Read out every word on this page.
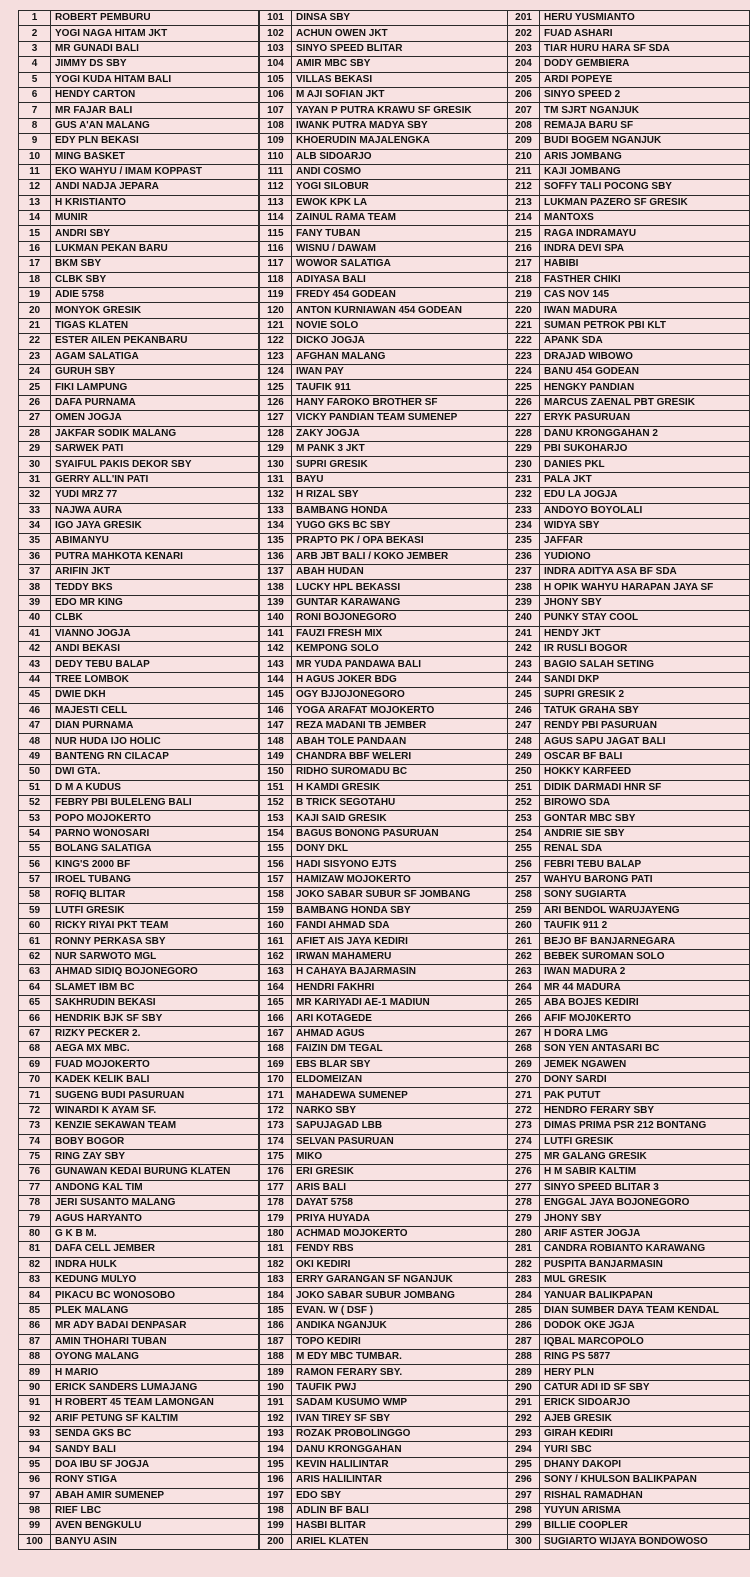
1	ROBERT PEMBURU
2	YOGI NAGA HITAM JKT
3	MR GUNADI BALI
4	JIMMY DS SBY
5	YOGI KUDA HITAM BALI
6	HENDY CARTON
7	MR FAJAR BALI
8	GUS A'AN MALANG
9	EDY PLN BEKASI
10	MING BASKET
11	EKO WAHYU / IMAM KOPPAST
12	ANDI NADJA JEPARA
13	H KRISTIANTO
14	MUNIR
15	ANDRI SBY
16	LUKMAN PEKAN BARU
17	BKM SBY
18	CLBK SBY
19	ADIE 5758
20	MONYOK GRESIK
21	TIGAS KLATEN
22	ESTER AILEN PEKANBARU
23	AGAM SALATIGA
24	GURUH SBY
25	FIKI LAMPUNG
26	DAFA PURNAMA
27	OMEN JOGJA
28	JAKFAR SODIK MALANG
29	SARWEK PATI
30	SYAIFUL PAKIS DEKOR SBY
31	GERRY ALL'IN PATI
32	YUDI MRZ 77
33	NAJWA AURA
34	IGO JAYA GRESIK
35	ABIMANYU
36	PUTRA MAHKOTA KENARI
37	ARIFIN JKT
38	TEDDY BKS
39	EDO MR KING
40	CLBK
41	VIANNO JOGJA
42	ANDI BEKASI
43	DEDY TEBU BALAP
44	TREE LOMBOK
45	DWIE DKH
46	MAJESTI CELL
47	DIAN PURNAMA
48	NUR HUDA IJO HOLIC
49	BANTENG RN CILACAP
50	DWI GTA.
51	D M A KUDUS
52	FEBRY PBI BULELENG BALI
53	POPO MOJOKERTO
54	PARNO WONOSARI
55	BOLANG SALATIGA
56	KING'S 2000 BF
57	IROEL TUBANG
58	ROFIQ BLITAR
59	LUTFI GRESIK
60	RICKY RIYAI PKT TEAM
61	RONNY PERKASA SBY
62	NUR SARWOTO MGL
63	AHMAD SIDIQ BOJONEGORO
64	SLAMET IBM BC
65	SAKHRUDIN BEKASI
66	HENDRIK BJK SF SBY
67	RIZKY PECKER 2.
68	AEGA MX MBC.
69	FUAD MOJOKERTO
70	KADEK KELIK BALI
71	SUGENG BUDI PASURUAN
72	WINARDI K AYAM SF.
73	KENZIE SEKAWAN TEAM
74	BOBY BOGOR
75	RING ZAY SBY
76	GUNAWAN KEDAI BURUNG KLATEN
77	ANDONG KAL TIM
78	JERI SUSANTO MALANG
79	AGUS HARYANTO
80	G K B M.
81	DAFA CELL JEMBER
82	INDRA HULK
83	KEDUNG MULYO
84	PIKACU BC WONOSOBO
85	PLEK MALANG
86	MR ADY BADAI DENPASAR
87	AMIN THOHARI TUBAN
88	OYONG MALANG
89	H MARIO
90	ERICK SANDERS LUMAJANG
91	H ROBERT 45 TEAM LAMONGAN
92	ARIF PETUNG SF KALTIM
93	SENDA GKS BC
94	SANDY BALI
95	DOA IBU SF JOGJA
96	RONY STIGA
97	ABAH AMIR SUMENEP
98	RIEF LBC
99	AVEN BENGKULU
100	BANYU ASIN
101	DINSA SBY
102	ACHUN OWEN JKT
103	SINYO SPEED BLITAR
104	AMIR MBC SBY
105	VILLAS BEKASI
106	M AJI SOFIAN JKT
107	YAYAN P PUTRA KRAWU SF GRESIK
108	IWANK PUTRA MADYA SBY
109	KHOERUDIN MAJALENGKA
110	ALB SIDOARJO
111	ANDI COSMO
112	YOGI SILOBUR
113	EWOK KPK LA
114	ZAINUL RAMA TEAM
115	FANY TUBAN
116	WISNU / DAWAM
117	WOWOR SALATIGA
118	ADIYASA BALI
119	FREDY 454 GODEAN
120	ANTON KURNIAWAN 454 GODEAN
121	NOVIE SOLO
122	DICKO JOGJA
123	AFGHAN MALANG
124	IWAN PAY
125	TAUFIK 911
126	HANY FAROKO BROTHER SF
127	VICKY PANDIAN TEAM SUMENEP
128	ZAKY JOGJA
129	M PANK 3 JKT
130	SUPRI GRESIK
131	BAYU
132	H RIZAL SBY
133	BAMBANG HONDA
134	YUGO GKS BC SBY
135	PRAPTO PK / OPA BEKASI
136	ARB JBT BALI / KOKO JEMBER
137	ABAH HUDAN
138	LUCKY HPL BEKASSI
139	GUNTAR KARAWANG
140	RONI BOJONEGORO
141	FAUZI FRESH MIX
142	KEMPONG SOLO
143	MR YUDA PANDAWA BALI
144	H AGUS JOKER BDG
145	OGY BJJOJONEGORO
146	YOGA ARAFAT MOJOKERTO
147	REZA MADANI TB JEMBER
148	ABAH TOLE PANDAAN
149	CHANDRA BBF WELERI
150	RIDHO SUROMADU BC
151	H KAMDI GRESIK
152	B TRICK SEGOTAHU
153	KAJI SAID GRESIK
154	BAGUS BONONG PASURUAN
155	DONY DKL
156	HADI SISYONO EJTS
157	HAMIZAW MOJOKERTO
158	JOKO SABAR SUBUR SF JOMBANG
159	BAMBANG HONDA SBY
160	FANDI AHMAD SDA
161	AFIET AIS JAYA KEDIRI
162	IRWAN MAHAMERU
163	H CAHAYA BAJARMASIN
164	HENDRI FAKHRI
165	MR KARIYADI AE-1 MADIUN
166	ARI KOTAGEDE
167	AHMAD AGUS
168	FAIZIN DM TEGAL
169	EBS BLAR SBY
170	ELDOMEIZAN
171	MAHADEWA SUMENEP
172	NARKO SBY
173	SAPUJAGAD LBB
174	SELVAN PASURUAN
175	MIKO
176	ERI GRESIK
177	ARIS BALI
178	DAYAT 5758
179	PRIYA HUYADA
180	ACHMAD MOJOKERTO
181	FENDY RBS
182	OKI KEDIRI
183	ERRY GARANGAN SF NGANJUK
184	JOKO SABAR SUBUR JOMBANG
185	EVAN. W ( DSF )
186	ANDIKA NGANJUK
187	TOPO KEDIRI
188	M EDY MBC TUMBAR.
189	RAMON FERARY SBY.
190	TAUFIK PWJ
191	SADAM KUSUMO WMP
192	IVAN TIREY SF SBY
193	ROZAK PROBOLINGGO
194	DANU KRONGGAHAN
195	KEVIN HALILINTAR
196	ARIS HALILINTAR
197	EDO SBY
198	ADLIN BF BALI
199	HASBI BLITAR
200	ARIEL KLATEN
201	HERU YUSMIANTO
202	FUAD ASHARI
203	TIAR HURU HARA SF SDA
204	DODY GEMBIERA
205	ARDI POPEYE
206	SINYO SPEED 2
207	TM SJRT NGANJUK
208	REMAJA BARU SF
209	BUDI BOGEM NGANJUK
210	ARIS JOMBANG
211	KAJI JOMBANG
212	SOFFY TALI POCONG SBY
213	LUKMAN PAZERO SF GRESIK
214	MANTOXS
215	RAGA INDRAMAYU
216	INDRA DEVI SPA
217	HABIBI
218	FASTHER CHIKI
219	CAS NOV 145
220	IWAN MADURA
221	SUMAN PETROK PBI KLT
222	APANK SDA
223	DRAJAD WIBOWO
224	BANU 454 GODEAN
225	HENGKY PANDIAN
226	MARCUS ZAENAL PBT GRESIK
227	ERYK PASURUAN
228	DANU KRONGGAHAN 2
229	PBI SUKOHARJO
230	DANIES PKL
231	PALA JKT
232	EDU LA JOGJA
233	ANDOYO BOYOLALI
234	WIDYA SBY
235	JAFFAR
236	YUDIONO
237	INDRA ADITYA ASA BF SDA
238	H OPIK WAHYU HARAPAN JAYA SF
239	JHONY SBY
240	PUNKY STAY COOL
241	HENDY JKT
242	IR RUSLI BOGOR
243	BAGIO SALAH SETING
244	SANDI DKP
245	SUPRI GRESIK 2
246	TATUK GRAHA SBY
247	RENDY PBI PASURUAN
248	AGUS SAPU JAGAT BALI
249	OSCAR BF BALI
250	HOKKY KARFEED
251	DIDIK DARMADI HNR SF
252	BIROWO SDA
253	GONTAR MBC SBY
254	ANDRIE SIE SBY
255	RENAL SDA
256	FEBRI TEBU BALAP
257	WAHYU BARONG PATI
258	SONY SUGIARTA
259	ARI BENDOL WARUJAYENG
260	TAUFIK 911 2
261	BEJO BF BANJARNEGARA
262	BEBEK SUROMAN SOLO
263	IWAN MADURA 2
264	MR 44 MADURA
265	ABA BOJES KEDIRI
266	AFIF MOJ0KERTO
267	H DORA LMG
268	SON YEN ANTASARI BC
269	JEMEK NGAWEN
270	DONY SARDI
271	PAK PUTUT
272	HENDRO FERARY SBY
273	DIMAS PRIMA PSR 212 BONTANG
274	LUTFI GRESIK
275	MR GALANG GRESIK
276	H M SABIR KALTIM
277	SINYO SPEED BLITAR 3
278	ENGGAL JAYA BOJONEGORO
279	JHONY SBY
280	ARIF ASTER JOGJA
281	CANDRA ROBIANTO KARAWANG
282	PUSPITA BANJARMASIN
283	MUL GRESIK
284	YANUAR BALIKPAPAN
285	DIAN SUMBER DAYA TEAM KENDAL
286	DODOK OKE JGJA
287	IQBAL MARCOPOLO
288	RING PS 5877
289	HERY PLN
290	CATUR ADI ID SF SBY
291	ERICK SIDOARJO
292	AJEB GRESIK
293	GIRAH KEDIRI
294	YURI SBC
295	DHANY DAKOPI
296	SONY / KHULSON BALIKPAPAN
297	RISHAL RAMADHAN
298	YUYUN ARISMA
299	BILLIE COOPLER
300	SUGIARTO WIJAYA BONDOWOSO
